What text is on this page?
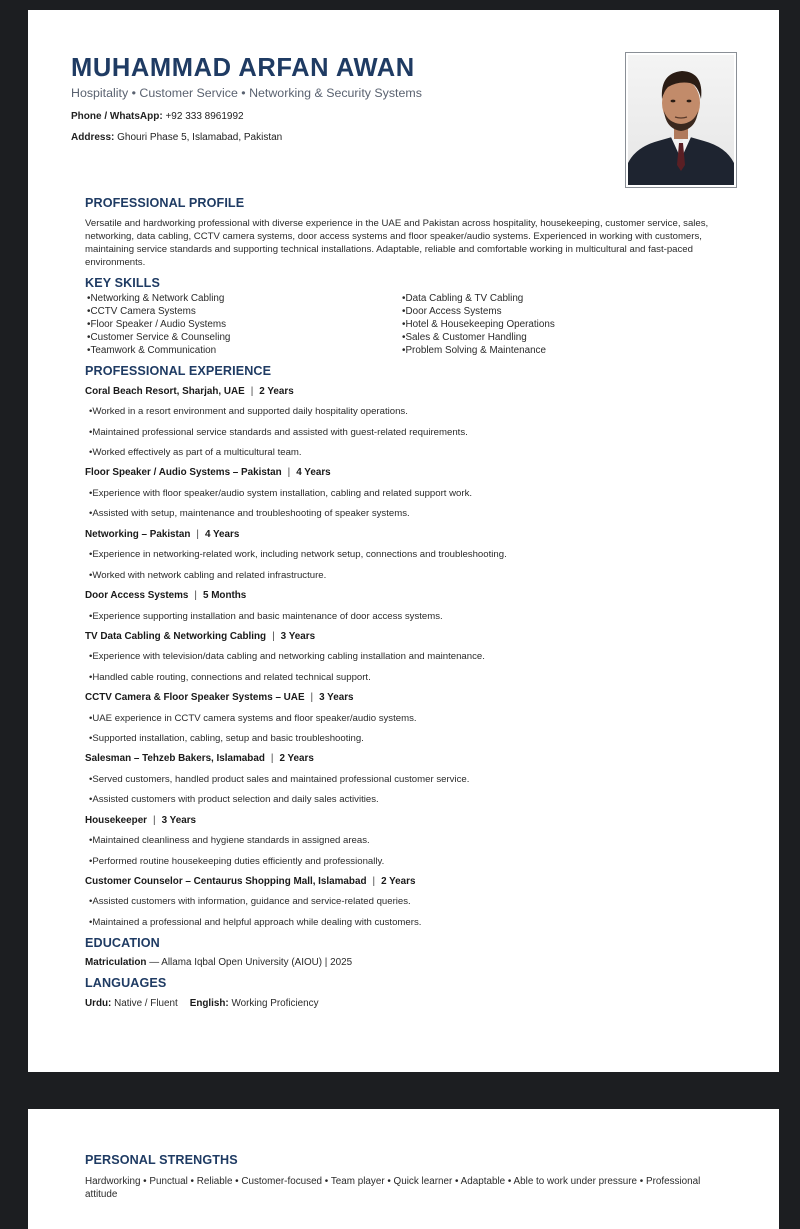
MUHAMMAD ARFAN AWAN
Hospitality • Customer Service • Networking & Security Systems
Phone / WhatsApp: +92 333 8961992
Address: Ghouri Phase 5, Islamabad, Pakistan
PROFESSIONAL PROFILE

Versatile and hardworking professional with diverse experience in the UAE and Pakistan across hospitality, housekeeping, customer service, sales, networking, data cabling, CCTV camera systems, door access systems and floor speaker/audio systems. Experienced in working with customers, maintaining service standards and supporting technical installations. Adaptable, reliable and comfortable working in multicultural and fast-paced environments.

KEY SKILLS
• Networking & Network Cabling
• CCTV Camera Systems
• Floor Speaker / Audio Systems
• Customer Service & Counseling
• Teamwork & Communication
• Data Cabling & TV Cabling
• Door Access Systems
• Hotel & Housekeeping Operations
• Sales & Customer Handling
• Problem Solving & Maintenance
PROFESSIONAL EXPERIENCE
Coral Beach Resort, Sharjah, UAE | 2 Years

• Worked in a resort environment and supported daily hospitality operations.

• Maintained professional service standards and assisted with guest-related requirements.

• Worked effectively as part of a multicultural team.

Floor Speaker / Audio Systems – Pakistan | 4 Years

• Experience with floor speaker/audio system installation, cabling and related support work.

• Assisted with setup, maintenance and troubleshooting of speaker systems.

Networking – Pakistan | 4 Years

• Experience in networking-related work, including network setup, connections and troubleshooting.

• Worked with network cabling and related infrastructure.

Door Access Systems | 5 Months

• Experience supporting installation and basic maintenance of door access systems.

TV Data Cabling & Networking Cabling | 3 Years

• Experience with television/data cabling and networking cabling installation and maintenance.

• Handled cable routing, connections and related technical support.

CCTV Camera & Floor Speaker Systems – UAE | 3 Years

• UAE experience in CCTV camera systems and floor speaker/audio systems.

• Supported installation, cabling, setup and basic troubleshooting.

Salesman – Tehzeb Bakers, Islamabad | 2 Years

• Served customers, handled product sales and maintained professional customer service.

• Assisted customers with product selection and daily sales activities.

Housekeeper | 3 Years

• Maintained cleanliness and hygiene standards in assigned areas.

• Performed routine housekeeping duties efficiently and professionally.

Customer Counselor – Centaurus Shopping Mall, Islamabad | 2 Years

• Assisted customers with information, guidance and service-related queries.

• Maintained a professional and helpful approach while dealing with customers.

EDUCATION
Matriculation — Allama Iqbal Open University (AIOU) | 2025
LANGUAGES
Urdu: Native / Fluent English: Working Proficiency
PERSONAL STRENGTHS

Hardworking • Punctual • Reliable • Customer-focused • Team player • Quick learner • Adaptable • Able to work under pressure • Professional attitude
